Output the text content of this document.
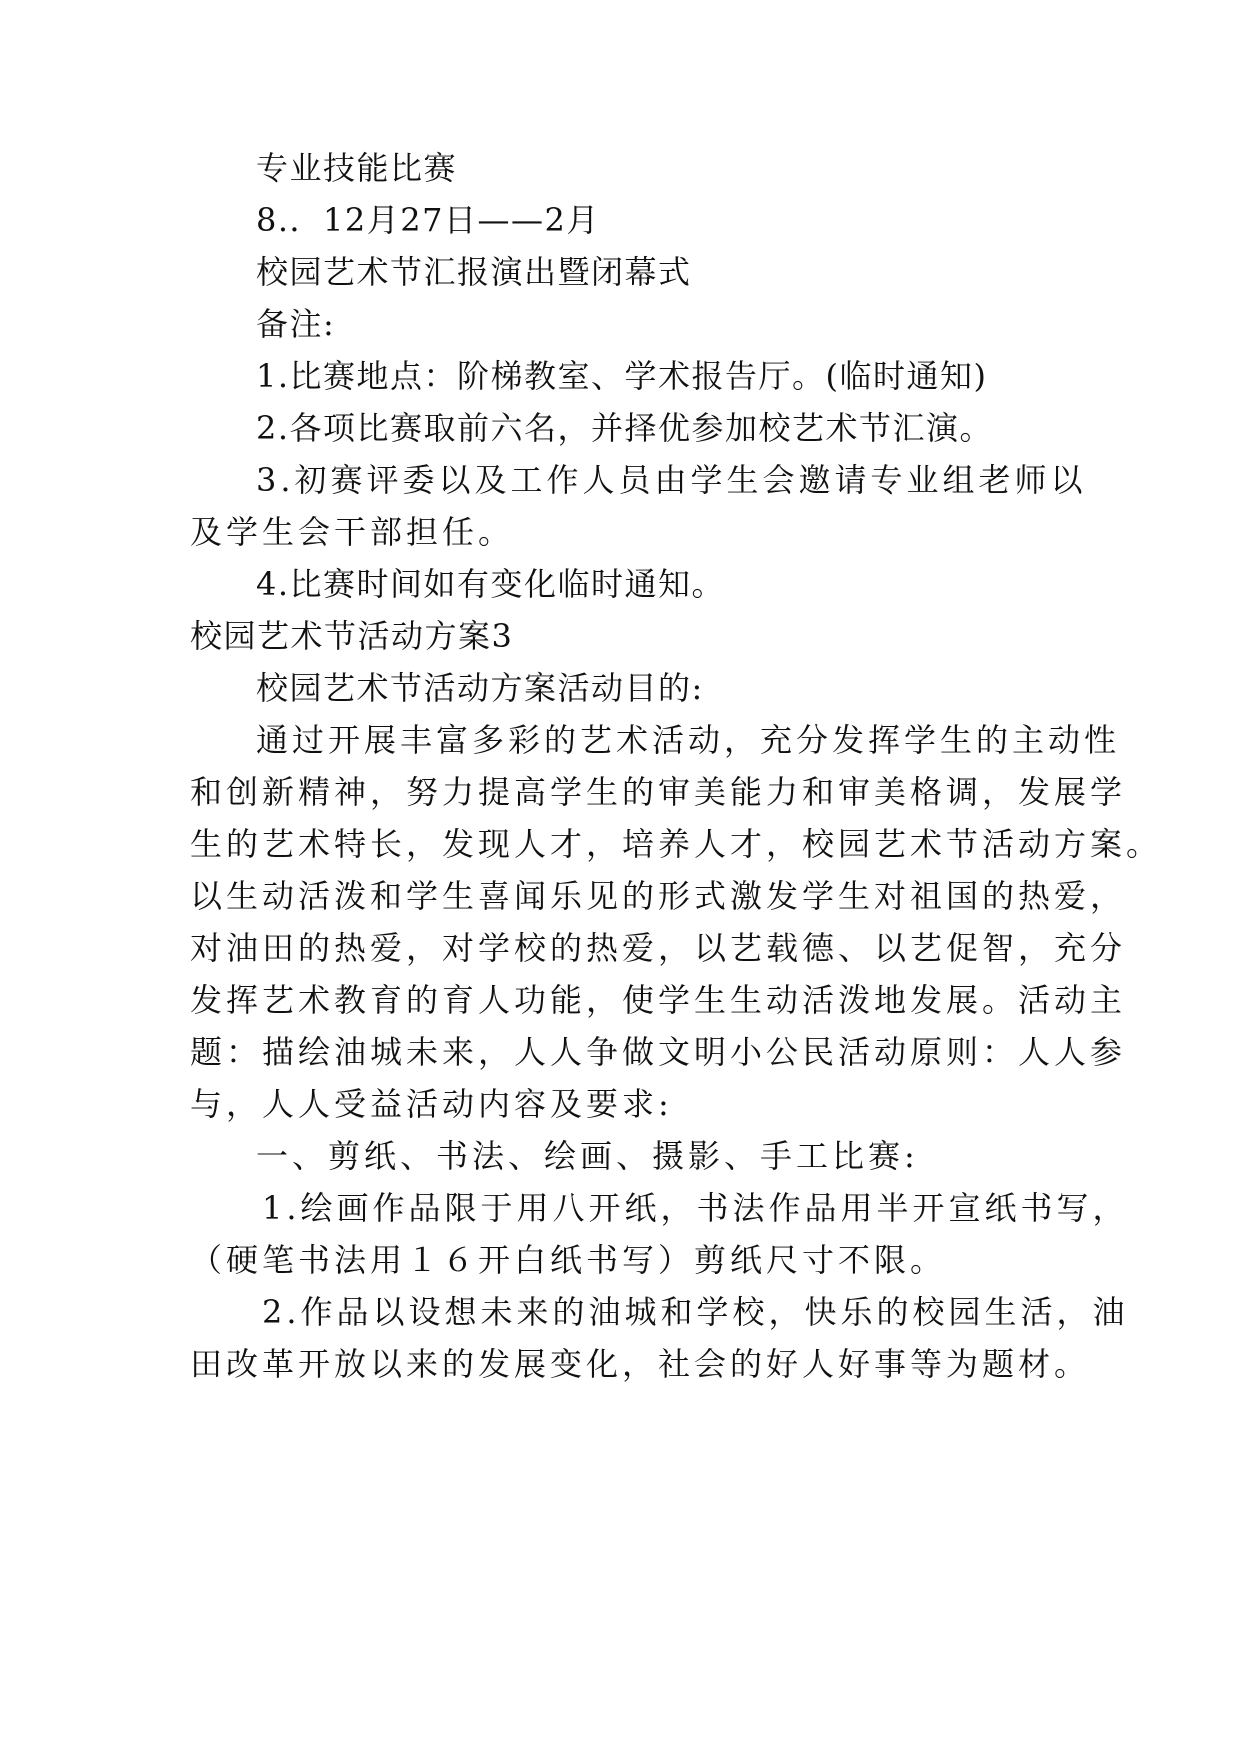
专业技能比赛
8.．12月27日——2月
校园艺术节汇报演出暨闭幕式
备注:
1.比赛地点：阶梯教室、学术报告厅。(临时通知)
2.各项比赛取前六名，并择优参加校艺术节汇演。
3.初赛评委以及工作人员由学生会邀请专业组老师以
及学生会干部担任。
4.比赛时间如有变化临时通知。
校园艺术节活动方案3
校园艺术节活动方案活动目的:
通过开展丰富多彩的艺术活动，充分发挥学生的主动性
和创新精神，努力提高学生的审美能力和审美格调，发展学
生的艺术特长，发现人才，培养人才，校园艺术节活动方案。
以生动活泼和学生喜闻乐见的形式激发学生对祖国的热爱，
对油田的热爱，对学校的热爱，以艺载德、以艺促智，充分
发挥艺术教育的育人功能，使学生生动活泼地发展。活动主
题：描绘油城未来，人人争做文明小公民活动原则：人人参
与，人人受益活动内容及要求:
一、剪纸、书法、绘画、摄影、手工比赛:
1.绘画作品限于用八开纸，书法作品用半开宣纸书写，
（硬笔书法用１６开白纸书写）剪纸尺寸不限。
2.作品以设想未来的油城和学校，快乐的校园生活，油
田改革开放以来的发展变化，社会的好人好事等为题材。
